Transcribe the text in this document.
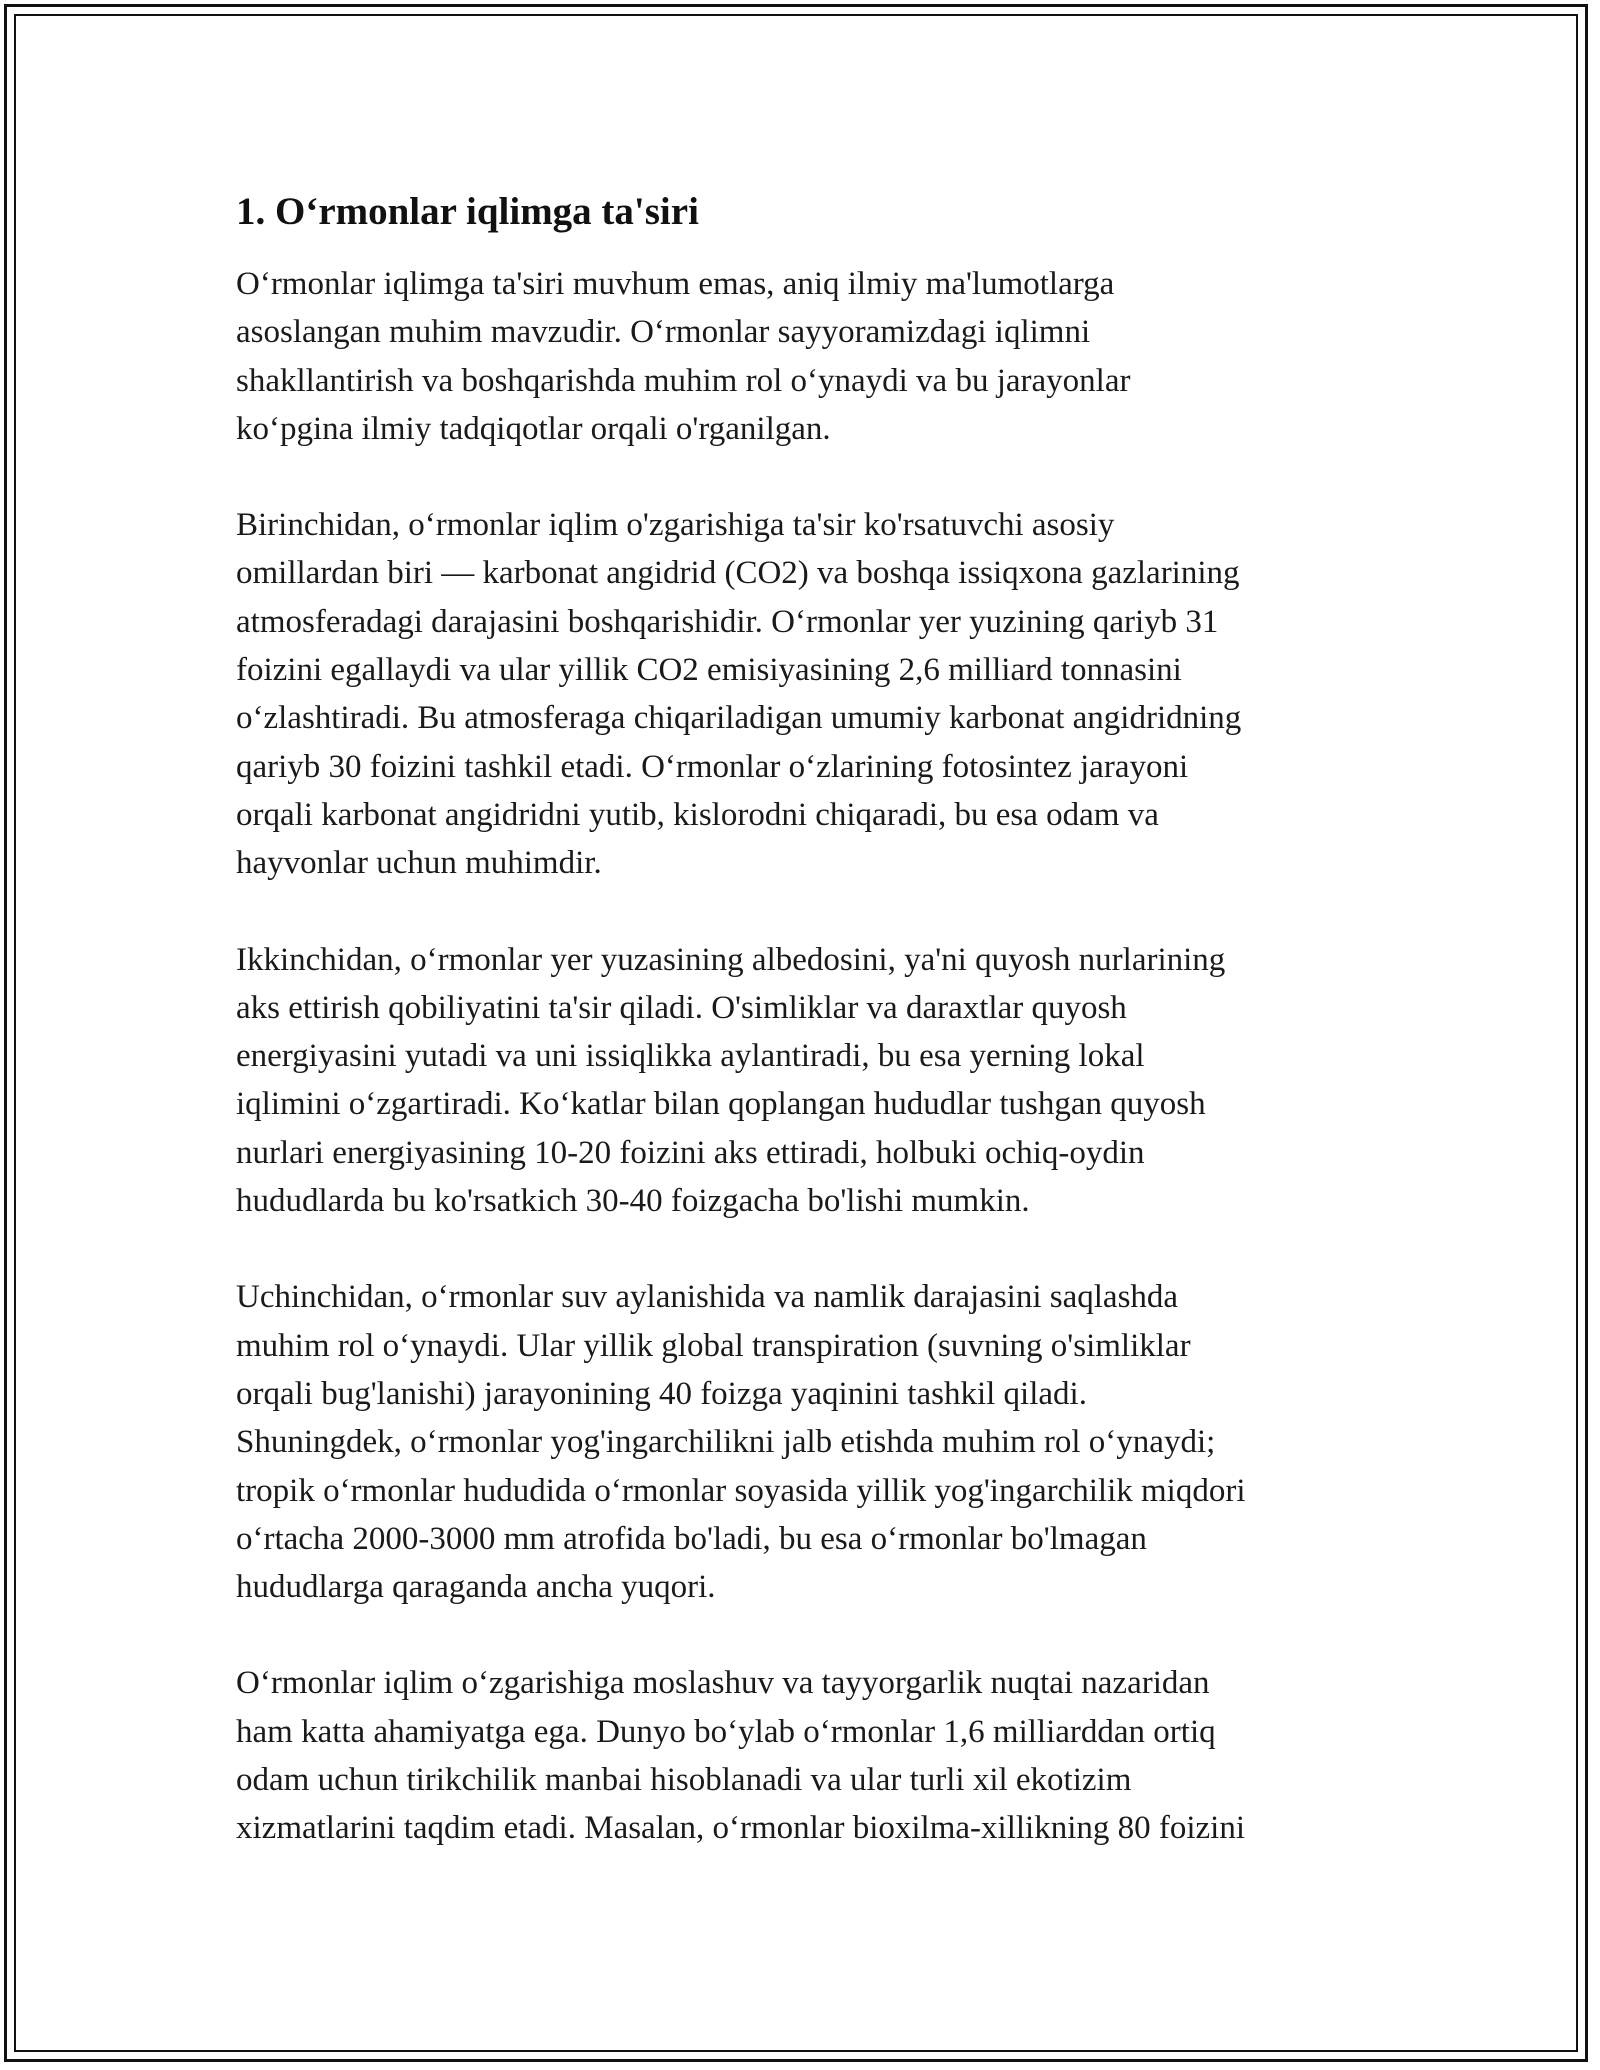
1. O‘rmonlar iqlimga ta'siri
O‘rmonlar iqlimga ta'siri muvhum emas, aniq ilmiy ma'lumotlarga
asoslangan muhim mavzudir. O‘rmonlar sayyoramizdagi iqlimni
shakllantirish va boshqarishda muhim rol o‘ynaydi va bu jarayonlar
ko‘pgina ilmiy tadqiqotlar orqali o'rganilgan.
Birinchidan, o‘rmonlar iqlim o'zgarishiga ta'sir ko'rsatuvchi asosiy
omillardan biri — karbonat angidrid (CO2) va boshqa issiqxona gazlarining
atmosferadagi darajasini boshqarishidir. O‘rmonlar yer yuzining qariyb 31
foizini egallaydi va ular yillik CO2 emisiyasining 2,6 milliard tonnasini
o‘zlashtiradi. Bu atmosferaga chiqariladigan umumiy karbonat angidridning
qariyb 30 foizini tashkil etadi. O‘rmonlar o‘zlarining fotosintez jarayoni
orqali karbonat angidridni yutib, kislorodni chiqaradi, bu esa odam va
hayvonlar uchun muhimdir.
Ikkinchidan, o‘rmonlar yer yuzasining albedosini, ya'ni quyosh nurlarining
aks ettirish qobiliyatini ta'sir qiladi. O'simliklar va daraxtlar quyosh
energiyasini yutadi va uni issiqlikka aylantiradi, bu esa yerning lokal
iqlimini o‘zgartiradi. Ko‘katlar bilan qoplangan hududlar tushgan quyosh
nurlari energiyasining 10-20 foizini aks ettiradi, holbuki ochiq-oydin
hududlarda bu ko'rsatkich 30-40 foizgacha bo'lishi mumkin.
Uchinchidan, o‘rmonlar suv aylanishida va namlik darajasini saqlashda
muhim rol o‘ynaydi. Ular yillik global transpiration (suvning o'simliklar
orqali bug'lanishi) jarayonining 40 foizga yaqinini tashkil qiladi.
Shuningdek, o‘rmonlar yog'ingarchilikni jalb etishda muhim rol o‘ynaydi;
tropik o‘rmonlar hududida o‘rmonlar soyasida yillik yog'ingarchilik miqdori
o‘rtacha 2000-3000 mm atrofida bo'ladi, bu esa o‘rmonlar bo'lmagan
hududlarga qaraganda ancha yuqori.
O‘rmonlar iqlim o‘zgarishiga moslashuv va tayyorgarlik nuqtai nazaridan
ham katta ahamiyatga ega. Dunyo bo‘ylab o‘rmonlar 1,6 milliarddan ortiq
odam uchun tirikchilik manbai hisoblanadi va ular turli xil ekotizim
xizmatlarini taqdim etadi. Masalan, o‘rmonlar bioxilma-xillikning 80 foizini
